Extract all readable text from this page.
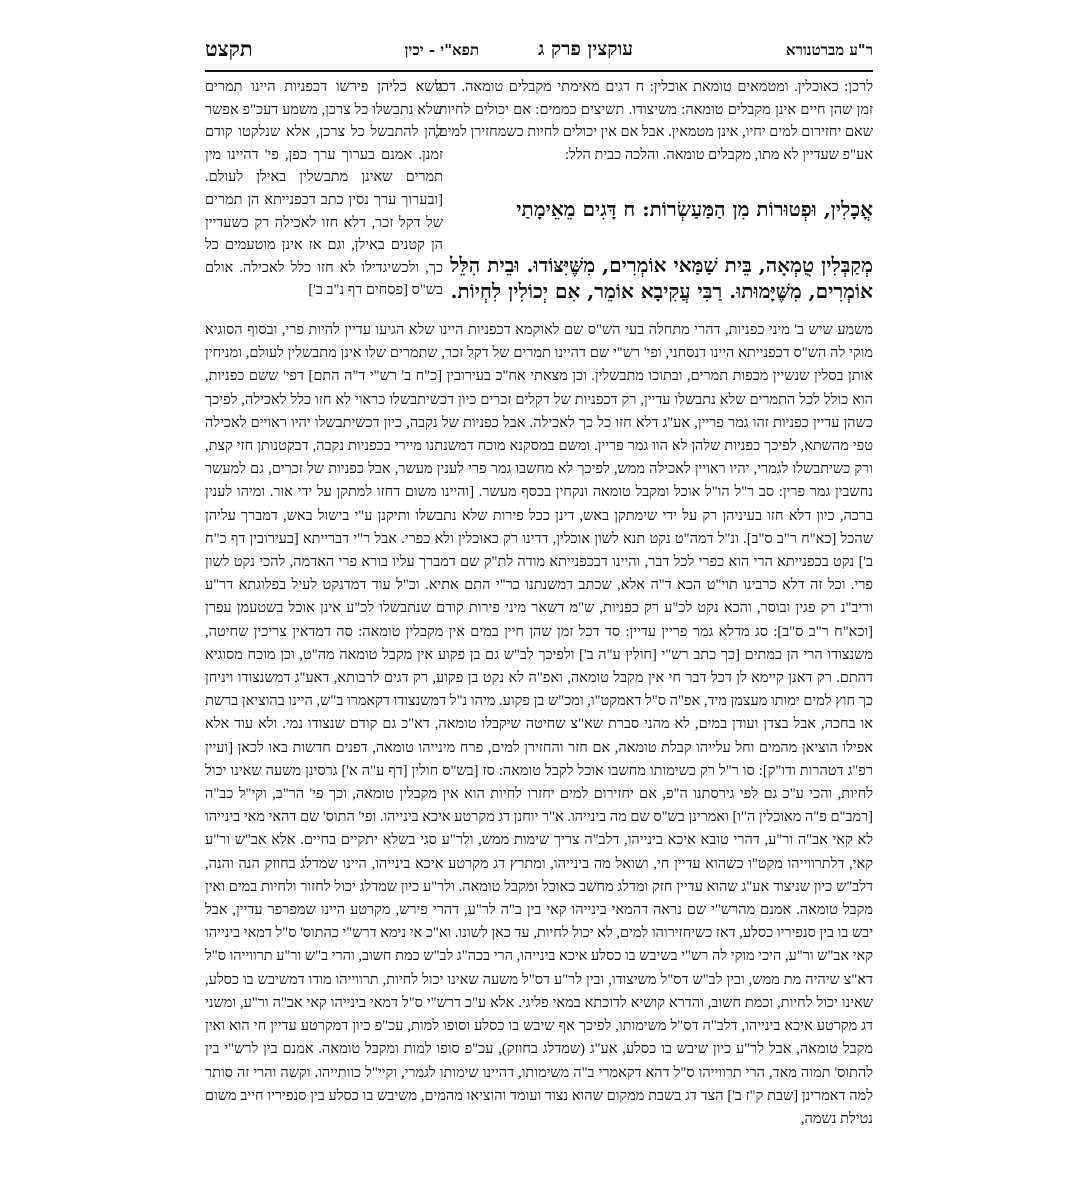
ר"ע מברטנורא
עוקצין פרק ג
תפא"י - יכין
תקצט

לרכן: כאוכלין. ומטמאים טומאת אוכלין: ח דגים מאימתי מקבלים טומאה. דכל זמן שהן חיים אינן מקבלים טומאה: משיצודו. תשיצים כממים: אם יכולים לחיות. שאם יחזירום למים יחיו, אינן מטמאין. אבל אם אין יכולים לחיות כשמחזירן למים, אע"פ שעדיין לא מתו, מקבלים טומאה. והלכה כבית הלל:

נושא כליהן פירשו דכפניות היינו תמרים שלא נתבשלו כל צרכן, משמע דעכ"פ אפשר להן להתבשל כל צרכן, אלא שנלקטו קודם זמנן. אמנם בערוך ערך כפן, פי' דהיינו מין תמרים שאינן מתבשלין באילן לעולם. [ובערוך ערך נסין כתב דכפנייתא הן תמרים של דקל זכר, דלא חזו לאכילה רק כשעדיין הן קטנים באילן, וגם אז אינן מוטעמים כל כך, ולכשיגדילו לא חזו כלל לאכילה. אולם בש"ס [פסחים דף נ"ב ב']

אֳכָלִין, וּפְטוּרוֹת מִן הַמַּעַשְׂרוֹת: ח דָּגִים מֵאֵימָתַי

מְקַבְּלִין טֻמְאָה, בֵּית שַׁמַּאי אוֹמְרִים, מִשֶּׁיִּצּוֹדוּ. וּבֵית הִלֵּל אוֹמְרִים, מִשֶּׁיָּמוּתוּ. רַבִּי עֲקִיבָא אוֹמֵר, אִם יְכוֹלִין לִחְיוֹת.

משמע שיש ב' מיני כפניות, דהרי מתחלה בעי הש"ס שם לאוקמא דכפניות היינו שלא הגיעו עדיין להיות פרי, ובסוף הסוגיא מוקי לה הש"ס דכפנייתא היינו דנסחני, ופי' רש"י שם דהיינו תמרים של דקל זכר, שתמרים שלו אינן מתבשלין לעולם, ומניחין אותן בסלין שנשיין מכפות תמרים, ובתוכו מתבשלין. וכן מצאתי אח"כ בעירובין [כ"ח ב' רש"י ד"ה התם] דפי' ששם כפניות, הוא כולל לכל התמרים שלא נתבשלו עדיין, רק דכפניות של דקלים זכרים כיון דכשיתבשלו כראוי לא חזו כלל לאכילה, לפיכך כשהן עדיין כפניות זהו גמר פריין, אע"ג דלא חזו כל כך לאכילה. אבל כפניות של נקבה, כיון דכשיתבשלו יהיו ראויים לאכילה טפי מהשתא, לפיכך כפניות שלהן לא הוו גמר פריין. ומשם במסקנא מוכח דמשנתנו מיירי בכפניות נקבה, דבקטנותן חזי קצת, ורק כשיתבשלו לגמרי, יהיו ראויין לאכילה ממש, לפיכך לא מחשבו גמר פרי לענין מעשר, אבל כפניות של זכרים, גם למעשר נחשבין גמר פרין: סב ר"ל הו"ל אוכל ומקבל טומאה ונקחין בכסף מעשר. [והיינו משום דחזו למתקן על ידי אור. ומיהו לענין ברכה, כיון דלא חזו בעיניהן רק על ידי שימתקן באש, דינן ככל פירות שלא נתבשלו ותיקנן ע"י בישול באש, דמברך עליהן שהכל [כא"ח ר"ב ס"ב]. ונ"ל דמה"ט נקט תנא לשון אוכלין, דדינו רק כאוכלין ולא כפרי. אבל ר"י דברייתא [בעירובין דף כ"ח ב'] נקט בכפנייתא הרי הוא כפרי לכל דבר, והיינו דבכפנייתא מודה לת"ק שם דמברך עליו בורא פרי האדמה, להכי נקט לשון פרי. וכל זה דלא כרבינו תוי"ט הכא ד"ה אלא, שכתב דמשנתנו כר"י התם אתיא. וכ"ל עוד דמדנקט לעיל בפלוגתא דר"ע וריב"נ רק פגין ובוסר, והכא נקט לכ"ע רק כפניות, ש"מ דשאר מיני פירות קודם שנתבשלו לכ"ע אינן אוכל בשטעמן עפרן [וכא"ח ר"ב ס"ב]: סג מדלא גמר פריין עדיין: סד דכל זמן שהן חיין במים אין מקבלין טומאה: סה דמדאין צריכין שחיטה, משנצודו הרי הן כמתים [כך כתב רש"י [חולין ע"ה ב'] ולפיכך לב"ש גם בן פקוע אין מקבל טומאה מה"ט, וכן מוכח מסוגיא דהתם. רק דאנן קיימא לן דכל דבר חי אין מקבל טומאה, ואפ"ה לא נקט בן פקוע, רק דגים לרבותא, דאע"ג דמשנצודו ויניחן כך חוץ למים ימותו מעצמן מיד, אפ"ה ס"ל דאמקט"ו, ומכ"ש בן פקוע. מיהו נ"ל דמשנצודו דקאמרו ב"ש, היינו בהוציאן ברשת או בחכה, אבל בצדן ועודן במים, לא מהני סברת שא"צ שחיטה שיקבלו טומאה, דא"כ גם קודם שנצודו נמי. ולא עוד אלא אפילו הוציאן מהמים וחל עלייהו קבלת טומאה, אם חזר והחזירן למים, פרח מינייהו טומאה, דפנים חדשות באו לכאן [ועיין רפ"ג דטהרות ודו"ק]: סו ר"ל רק כשימותו מחשבו אוכל לקבל טומאה: סז [בש"ס חולין [דף ע"ה א'] גרסינן משעה שאינו יכול לחיות, והכי ע"כ גם לפי גירסתנו ה"פ, אם יחזירום למים יחזרו לחיות הוא אין מקבלין טומאה, וכך פי' הר"ב, וקי"ל כב"ה [רמב"ם פ"ה מאוכלין ה"ו] ואמרינן בש"ס שם מה בינייהו. א"ר יוחנן דג מקרטע איכא בינייהו. ופי' התוס' שם דהאי מאי בינייהו לא קאי אב"ה ור"ע, דהרי טובא איכא בינייהו, דלב"ה צריך שימות ממש, ולר"ע סגי בשלא יתקיים בחיים. אלא אב"ש ור"ע קאי, דלתרווייהו מקט"ו כשהוא עדיין חי, ושואל מה בינייהו, ומתרץ דג מקרטע איכא בינייהו, היינו שמדלג בחוזק הנה והנה, דלב"ש כיון שניצוד אע"ג שהוא עדיין חזק ומדלג מחשב כאוכל ומקבל טומאה. ולר"ע כיון שמדלג יכול לחזור ולחיות במים ואין מקבל טומאה. אמנם מהרש"י שם נראה דהמאי בינייהו קאי בין ב"ה לר"ע, דהרי פירש, מקרטע היינו שמפרפר עדיין, אבל יבש בו בין סנפיריו כסלע, דאז כשיחזירוהו למים, לא יכול לחיות, עד כאן לשונו. וא"כ אי נימא דרש"י כהתוס' ס"ל דמאי בינייהו קאי אב"ש ור"ע, היכי מוקי לה רש"י בשיבש בו כסלע איכא בינייהו, הרי בכה"ג לב"ש כמת חשוב, והרי ב"ש ור"ע תרווייהו ס"ל דא"צ שיהיה מת ממש, ובין לב"ש דס"ל משיצודו, ובין לר"ע דס"ל משעה שאינו יכול לחיות, תרווייהו מודו דמשיבש בו כסלע, שאינו יכול לחיות, וכמת חשוב, והדרא קושיא לדוכתא במאי פליגי. אלא ע"כ דרש"י ס"ל דמאי בינייהו קאי אב"ה ור"ע, ומשני דג מקרטע איכא בינייהו, דלב"ה דס"ל משימותו, לפיכך אף שיבש בו כסלע וסופו למות, עכ"פ כיון דמקרטע עדיין חי הוא ואין מקבל טומאה, אבל לר"ע כיון שיבש בו כסלע, אע"ג (שמדלג בחוזק), עכ"פ סופו למות ומקבל טומאה. אמנם בין לרש"י בין להתוס' תמוה מאד, הרי תרווייהו ס"ל דהא דקאמרי ב"ה משימותו, דהיינו שימותו לגמרי, וקיי"ל כוותייהו. וקשה והרי זה סותר למה דאמרינן [שבת ק"ז ב'] הצד דג בשבת ממקום שהוא נצוד ועומד והוציאו מהמים, משיבש בו כסלע בין סנפיריו חייב משום נטילת נשמה,
